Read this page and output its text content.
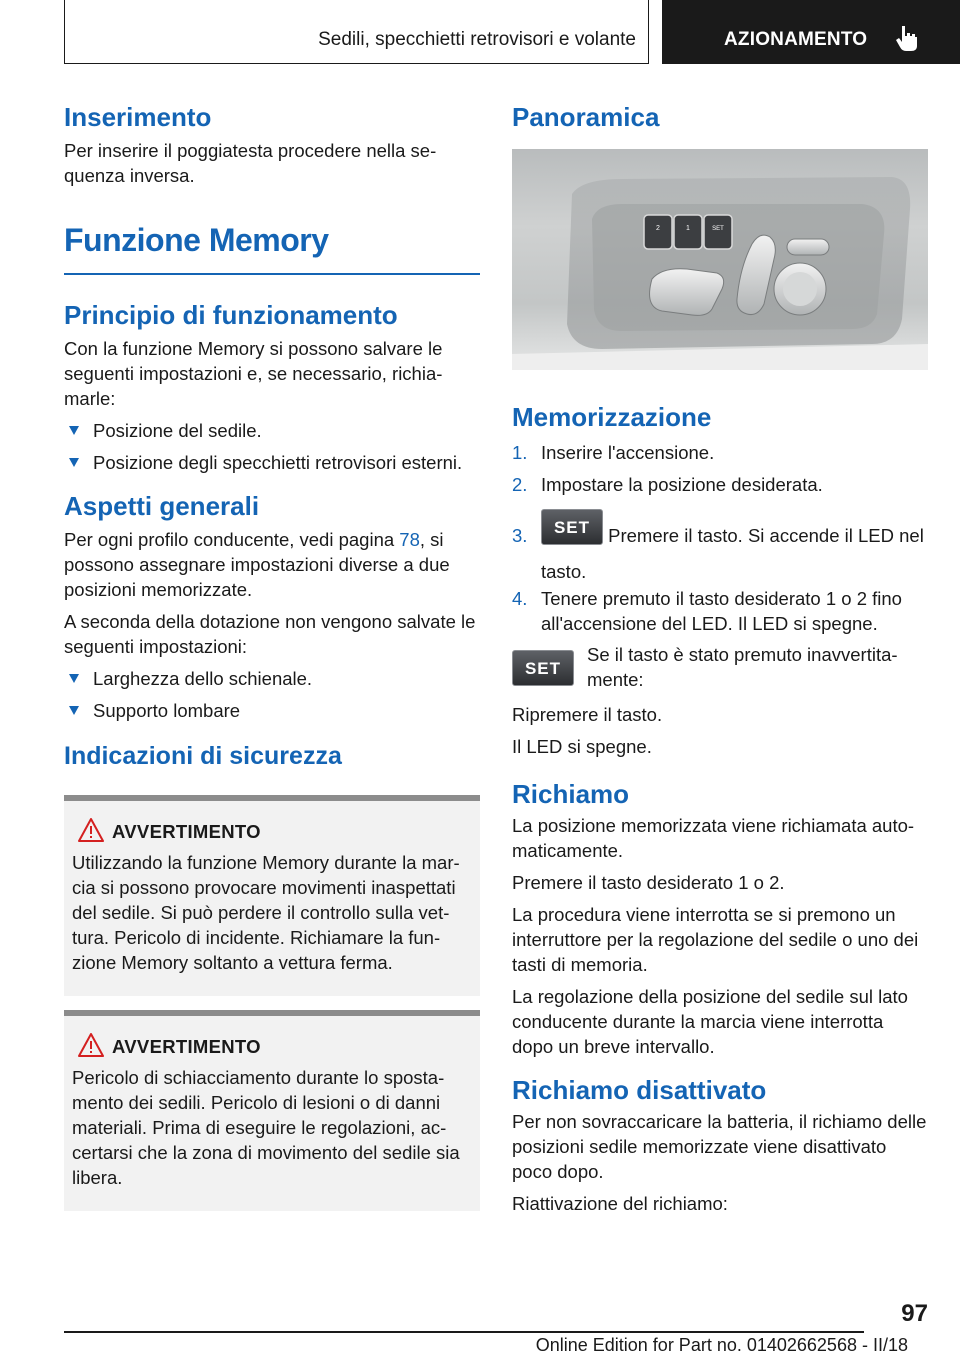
Sedili, specchietti retrovisori e volante	AZIONAMENTO
Inserimento
Per inserire il poggiatesta procedere nella sequenza inversa.
Funzione Memory
Principio di funzionamento
Con la funzione Memory si possono salvare le seguenti impostazioni e, se necessario, richiamarle:
Posizione del sedile.
Posizione degli specchietti retrovisori esterni.
Aspetti generali
Per ogni profilo conducente, vedi pagina 78, si possono assegnare impostazioni diverse a due posizioni memorizzate.
A seconda della dotazione non vengono salvate le seguenti impostazioni:
Larghezza dello schienale.
Supporto lombare
Indicazioni di sicurezza
AVVERTIMENTO
Utilizzando la funzione Memory durante la marcia si possono provocare movimenti inaspettati del sedile. Si può perdere il controllo sulla vettura. Pericolo di incidente. Richiamare la funzione Memory soltanto a vettura ferma.
AVVERTIMENTO
Pericolo di schiacciamento durante lo spostamento dei sedili. Pericolo di lesioni o di danni materiali. Prima di eseguire le regolazioni, accertarsi che la zona di movimento del sedile sia libera.
Panoramica
2	1	SET
Memorizzazione
1. Inserire l'accensione.
2. Impostare la posizione desiderata.
3. SET Premere il tasto. Si accende il LED nel tasto.
4. Tenere premuto il tasto desiderato 1 o 2 fino all'accensione del LED. Il LED si spegne.
SET
Se il tasto è stato premuto inavvertitamente:
Ripremere il tasto.
Il LED si spegne.
Richiamo
La posizione memorizzata viene richiamata automaticamente.
Premere il tasto desiderato 1 o 2.
La procedura viene interrotta se si premono un interruttore per la regolazione del sedile o uno dei tasti di memoria.
La regolazione della posizione del sedile sul lato conducente durante la marcia viene interrotta dopo un breve intervallo.
Richiamo disattivato
Per non sovraccaricare la batteria, il richiamo delle posizioni sedile memorizzate viene disattivato poco dopo.
Riattivazione del richiamo:
97
Online Edition for Part no. 01402662568 - II/18
